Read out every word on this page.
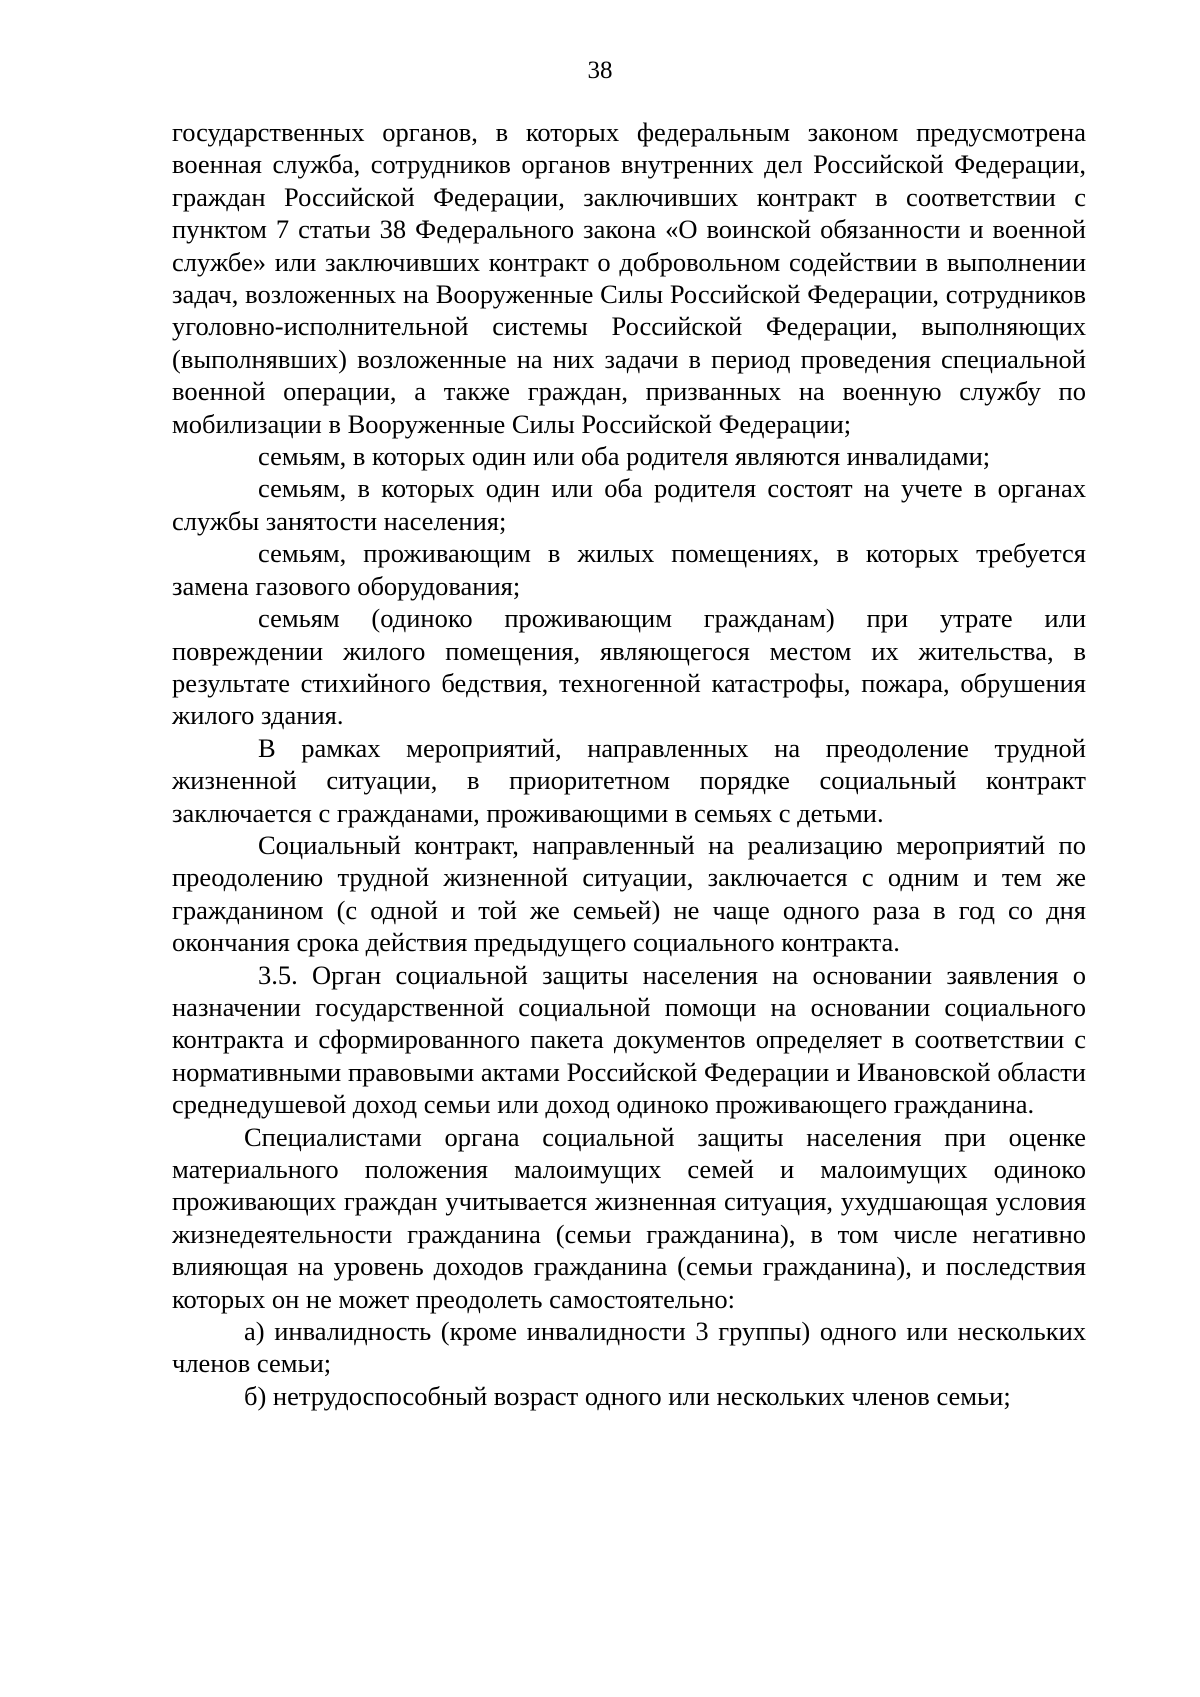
38

государственных органов, в которых федеральным законом предусмотрена военная служба, сотрудников органов внутренних дел Российской Федерации, граждан Российской Федерации, заключивших контракт в соответствии с пунктом 7 статьи 38 Федерального закона «О воинской обязанности и военной службе» или заключивших контракт о добровольном содействии в выполнении задач, возложенных на Вооруженные Силы Российской Федерации, сотрудников уголовно-исполнительной системы Российской Федерации, выполняющих (выполнявших) возложенные на них задачи в период проведения специальной военной операции, а также граждан, призванных на военную службу по мобилизации в Вооруженные Силы Российской Федерации;

семьям, в которых один или оба родителя являются инвалидами;

семьям, в которых один или оба родителя состоят на учете в органах службы занятости населения;

семьям, проживающим в жилых помещениях, в которых требуется замена газового оборудования;

семьям (одиноко проживающим гражданам) при утрате или повреждении жилого помещения, являющегося местом их жительства, в результате стихийного бедствия, техногенной катастрофы, пожара, обрушения жилого здания.

В рамках мероприятий, направленных на преодоление трудной жизненной ситуации, в приоритетном порядке социальный контракт заключается с гражданами, проживающими в семьях с детьми.

Социальный контракт, направленный на реализацию мероприятий по преодолению трудной жизненной ситуации, заключается с одним и тем же гражданином (с одной и той же семьей) не чаще одного раза в год со дня окончания срока действия предыдущего социального контракта.

3.5. Орган социальной защиты населения на основании заявления о назначении государственной социальной помощи на основании социального контракта и сформированного пакета документов определяет в соответствии с нормативными правовыми актами Российской Федерации и Ивановской области среднедушевой доход семьи или доход одиноко проживающего гражданина.

Специалистами органа социальной защиты населения при оценке материального положения малоимущих семей и малоимущих одиноко проживающих граждан учитывается жизненная ситуация, ухудшающая условия жизнедеятельности гражданина (семьи гражданина), в том числе негативно влияющая на уровень доходов гражданина (семьи гражданина), и последствия которых он не может преодолеть самостоятельно:

а) инвалидность (кроме инвалидности 3 группы) одного или нескольких членов семьи;

б) нетрудоспособный возраст одного или нескольких членов семьи;
